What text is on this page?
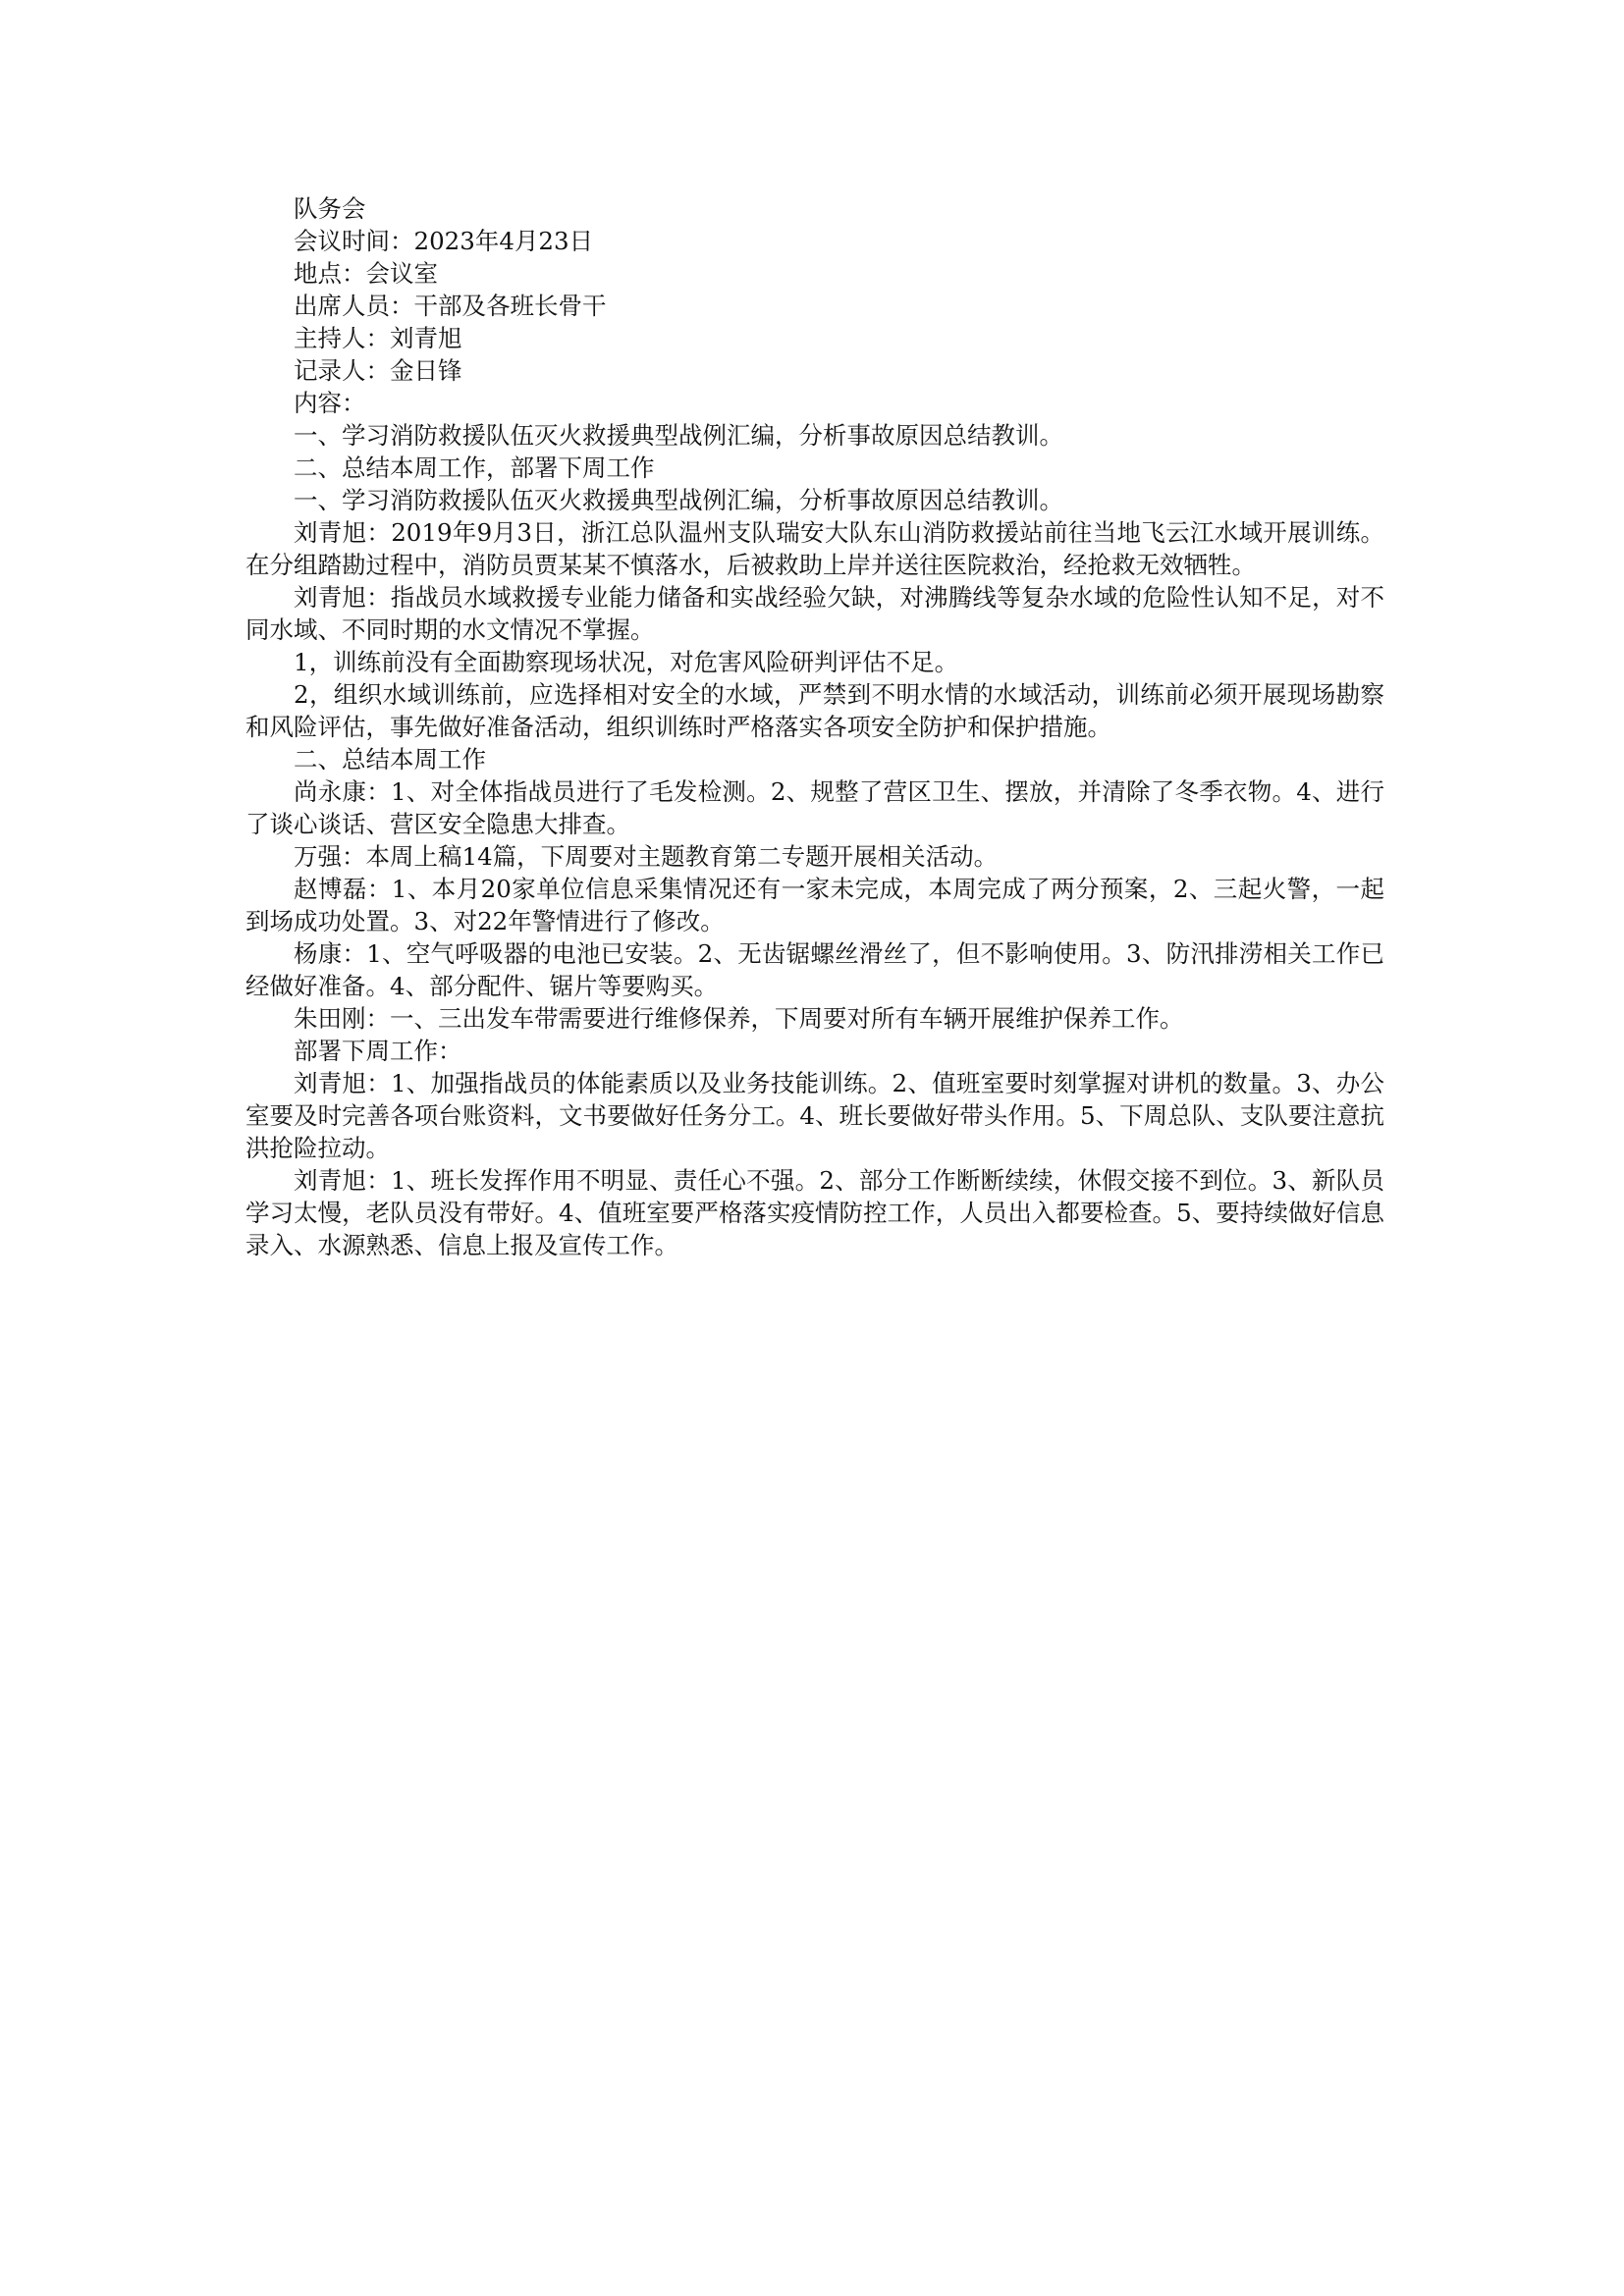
队务会

会议时间：2023年4月23日

地点：会议室

出席人员：干部及各班长骨干

主持人：刘青旭

记录人：金日锋

内容：

一、学习消防救援队伍灭火救援典型战例汇编，分析事故原因总结教训。

二、总结本周工作，部署下周工作

一、学习消防救援队伍灭火救援典型战例汇编，分析事故原因总结教训。

刘青旭：2019年9月3日，浙江总队温州支队瑞安大队东山消防救援站前往当地飞云江水域开展训练。在分组踏勘过程中，消防员贾某某不慎落水，后被救助上岸并送往医院救治，经抢救无效牺牲。

刘青旭：指战员水域救援专业能力储备和实战经验欠缺，对沸腾线等复杂水域的危险性认知不足，对不同水域、不同时期的水文情况不掌握。

1，训练前没有全面勘察现场状况，对危害风险研判评估不足。

2，组织水域训练前，应选择相对安全的水域，严禁到不明水情的水域活动，训练前必须开展现场勘察和风险评估，事先做好准备活动，组织训练时严格落实各项安全防护和保护措施。

二、总结本周工作

尚永康：1、对全体指战员进行了毛发检测。2、规整了营区卫生、摆放，并清除了冬季衣物。4、进行了谈心谈话、营区安全隐患大排查。

万强：本周上稿14篇，下周要对主题教育第二专题开展相关活动。

赵博磊：1、本月20家单位信息采集情况还有一家未完成，本周完成了两分预案，2、三起火警，一起到场成功处置。3、对22年警情进行了修改。

杨康：1、空气呼吸器的电池已安装。2、无齿锯螺丝滑丝了，但不影响使用。3、防汛排涝相关工作已经做好准备。4、部分配件、锯片等要购买。

朱田刚：一、三出发车带需要进行维修保养，下周要对所有车辆开展维护保养工作。

部署下周工作：

刘青旭：1、加强指战员的体能素质以及业务技能训练。2、值班室要时刻掌握对讲机的数量。3、办公室要及时完善各项台账资料，文书要做好任务分工。4、班长要做好带头作用。5、下周总队、支队要注意抗洪抢险拉动。

刘青旭：1、班长发挥作用不明显、责任心不强。2、部分工作断断续续，休假交接不到位。3、新队员学习太慢，老队员没有带好。4、值班室要严格落实疫情防控工作，人员出入都要检查。5、要持续做好信息录入、水源熟悉、信息上报及宣传工作。
